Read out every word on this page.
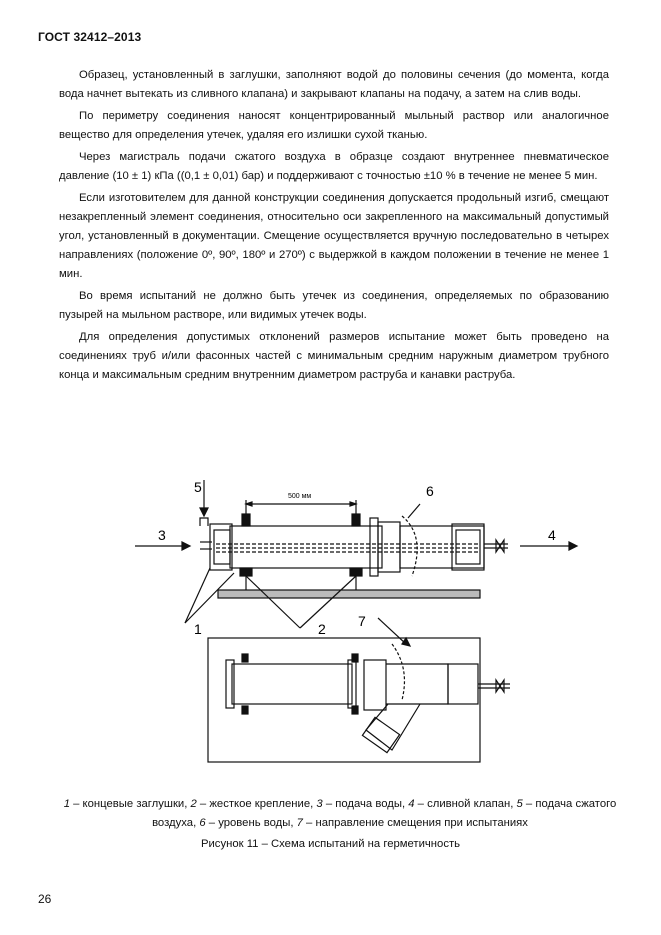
ГОСТ 32412–2013

Образец, установленный в заглушки, заполняют водой до половины сечения (до момента, когда вода начнет вытекать из сливного клапана) и закрывают клапаны на подачу, а затем на слив воды.

По периметру соединения наносят концентрированный мыльный раствор или аналогичное вещество для определения утечек, удаляя его излишки сухой тканью.

Через магистраль подачи сжатого воздуха в образце создают внутреннее пневматическое давление (10 ± 1) кПа ((0,1 ± 0,01) бар) и поддерживают с точностью ±10 % в течение не менее 5 мин.

Если изготовителем для данной конструкции соединения допускается продольный изгиб, смещают незакрепленный элемент соединения, относительно оси закрепленного на максимальный допустимый угол, установленный в документации. Смещение осуществляется вручную последовательно в четырех направлениях (положение 0º, 90º, 180º и 270º) с выдержкой в каждом положении в течение не менее 1 мин.

Во время испытаний не должно быть утечек из соединения, определяемых по образованию пузырей на мыльном растворе, или видимых утечек воды.

Для определения допустимых отклонений размеров испытание может быть проведено на соединениях труб и/или фасонных частей с минимальным средним наружным диаметром трубного конца и максимальным средним внутренним диаметром раструба и канавки раструба.

500 мм
5
3	4
6
1	2 7
1 – концевые заглушки, 2 – жесткое крепление, 3 – подача воды, 4 – сливной клапан, 5 – подача сжатого воздуха, 6 – уровень воды, 7 – направление смещения при испытаниях
Рисунок 11 – Схема испытаний на герметичность
26
